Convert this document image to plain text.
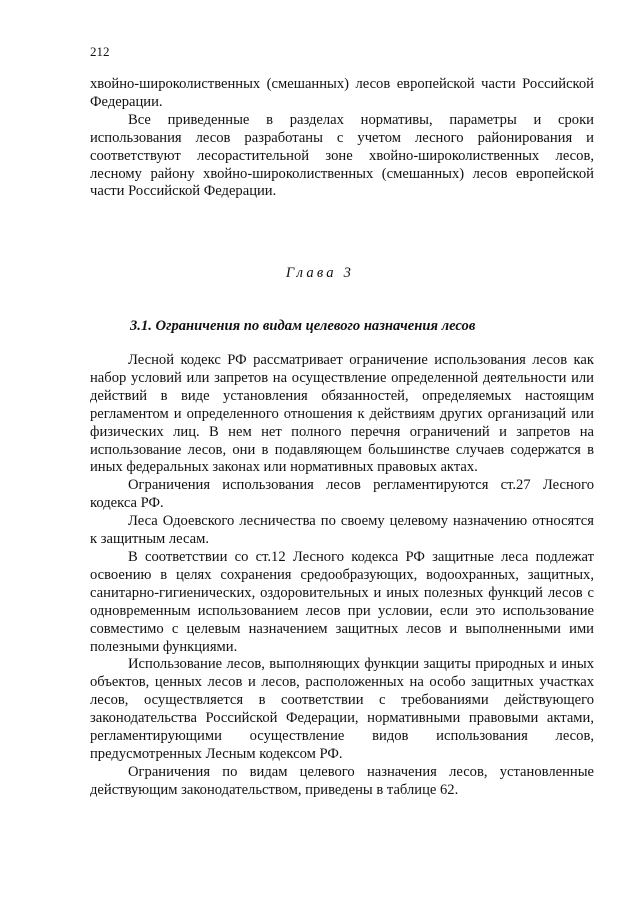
212

хвойно-широколиственных (смешанных) лесов европейской части Российской Федерации.

Все приведенные в разделах нормативы, параметры и сроки использования лесов разработаны с учетом лесного районирования и соответствуют лесорастительной зоне хвойно-широколиственных лесов, лесному району хвойно-широколиственных (смешанных) лесов европейской части Российской Федерации.

Глава 3
3.1. Ограничения по видам целевого назначения лесов

Лесной кодекс РФ рассматривает ограничение использования лесов как набор условий или запретов на осуществление определенной деятельности или действий в виде установления обязанностей, определяемых настоящим регламентом и определенного отношения к действиям других организаций или физических лиц. В нем нет полного перечня ограничений и запретов на использование лесов, они в подавляющем большинстве случаев содержатся в иных федеральных законах или нормативных правовых актах.

Ограничения использования лесов регламентируются ст.27 Лесного кодекса РФ.

Леса Одоевского лесничества по своему целевому назначению относятся к защитным лесам.

В соответствии со ст.12 Лесного кодекса РФ защитные леса подлежат освоению в целях сохранения средообразующих, водоохранных, защитных, санитарно-гигиенических, оздоровительных и иных полезных функций лесов с одновременным использованием лесов при условии, если это использование совместимо с целевым назначением защитных лесов и выполненными ими полезными функциями.

Использование лесов, выполняющих функции защиты природных и иных объектов, ценных лесов и лесов, расположенных на особо защитных участках лесов, осуществляется в соответствии с требованиями действующего законодательства Российской Федерации, нормативными правовыми актами, регламентирующими осуществление видов использования лесов, предусмотренных Лесным кодексом РФ.

Ограничения по видам целевого назначения лесов, установленные действующим законодательством, приведены в таблице 62.
